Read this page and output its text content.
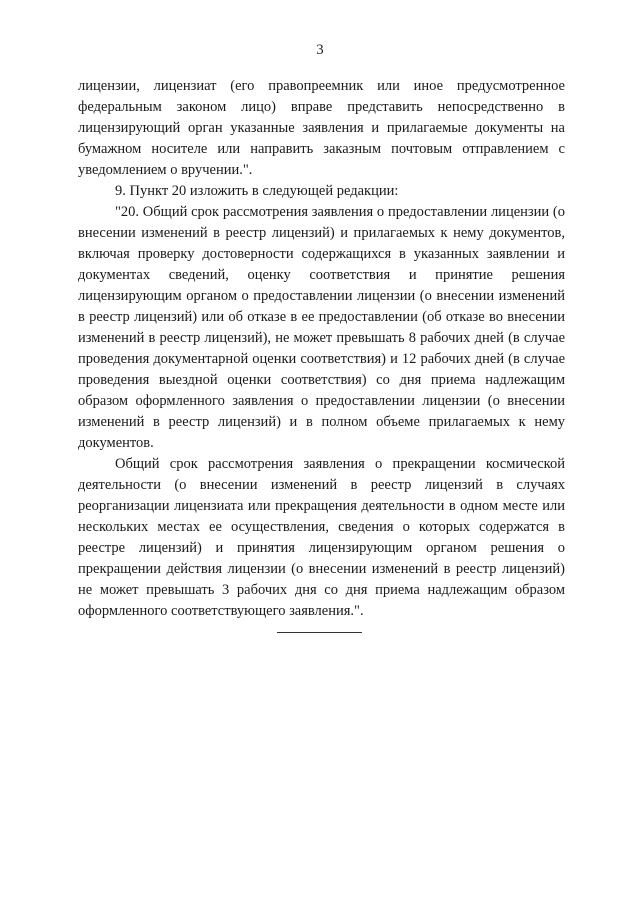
3

лицензии, лицензиат (его правопреемник или иное предусмотренное федеральным законом лицо) вправе представить непосредственно в лицензирующий орган указанные заявления и прилагаемые документы на бумажном носителе или направить заказным почтовым отправлением с уведомлением о вручении.".

9. Пункт 20 изложить в следующей редакции:

"20. Общий срок рассмотрения заявления о предоставлении лицензии (о внесении изменений в реестр лицензий) и прилагаемых к нему документов, включая проверку достоверности содержащихся в указанных заявлении и документах сведений, оценку соответствия и принятие решения лицензирующим органом о предоставлении лицензии (о внесении изменений в реестр лицензий) или об отказе в ее предоставлении (об отказе во внесении изменений в реестр лицензий), не может превышать 8 рабочих дней (в случае проведения документарной оценки соответствия) и 12 рабочих дней (в случае проведения выездной оценки соответствия) со дня приема надлежащим образом оформленного заявления о предоставлении лицензии (о внесении изменений в реестр лицензий) и в полном объеме прилагаемых к нему документов.

Общий срок рассмотрения заявления о прекращении космической деятельности (о внесении изменений в реестр лицензий в случаях реорганизации лицензиата или прекращения деятельности в одном месте или нескольких местах ее осуществления, сведения о которых содержатся в реестре лицензий) и принятия лицензирующим органом решения о прекращении действия лицензии (о внесении изменений в реестр лицензий) не может превышать 3 рабочих дня со дня приема надлежащим образом оформленного соответствующего заявления.".
